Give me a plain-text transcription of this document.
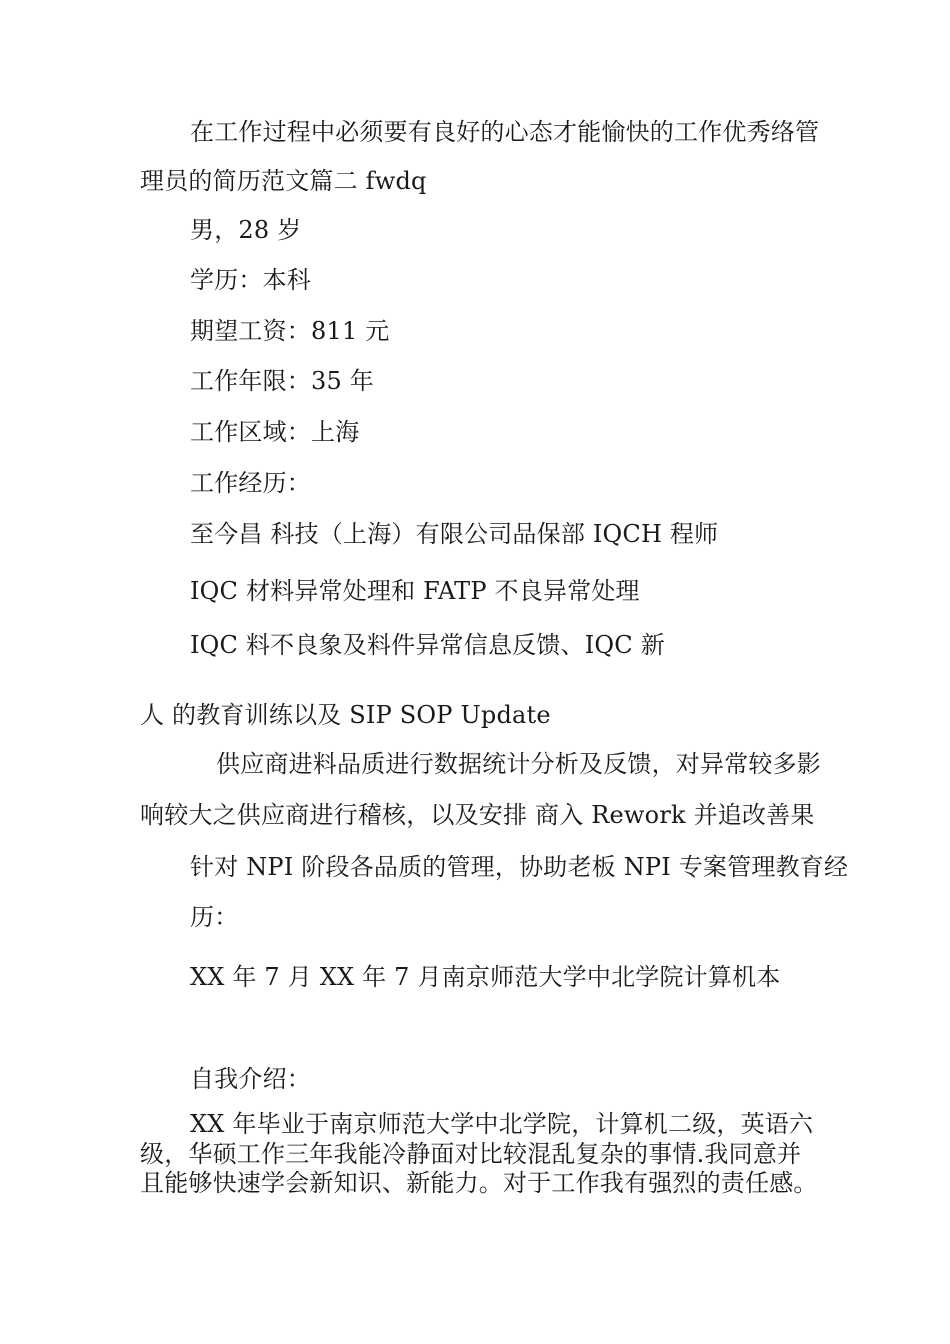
在工作过程中必须要有良好的心态才能愉快的工作优秀络管
理员的简历范文篇二 fwdq
男，28 岁
学历：本科
期望工资：811 元
工作年限：35 年
工作区域：上海
工作经历：
至今昌 科技（上海）有限公司品保部 IQCH 程师
IQC 材料异常处理和 FATP 不良异常处理
IQC 料不良象及料件异常信息反馈、IQC 新
人 的教育训练以及 SIP SOP Update
供应商进料品质进行数据统计分析及反馈，对异常较多影
响较大之供应商进行稽核，以及安排 商入 Rework 并追改善果
针对 NPI 阶段各品质的管理，协助老板 NPI 专案管理教育经
历：
XX 年 7 月 XX 年 7 月南京师范大学中北学院计算机本
自我介绍：
XX 年毕业于南京师范大学中北学院，计算机二级，英语六
级，华硕工作三年我能冷静面对比较混乱复杂的事情.我同意并
且能够快速学会新知识、新能力。对于工作我有强烈的责任感。
